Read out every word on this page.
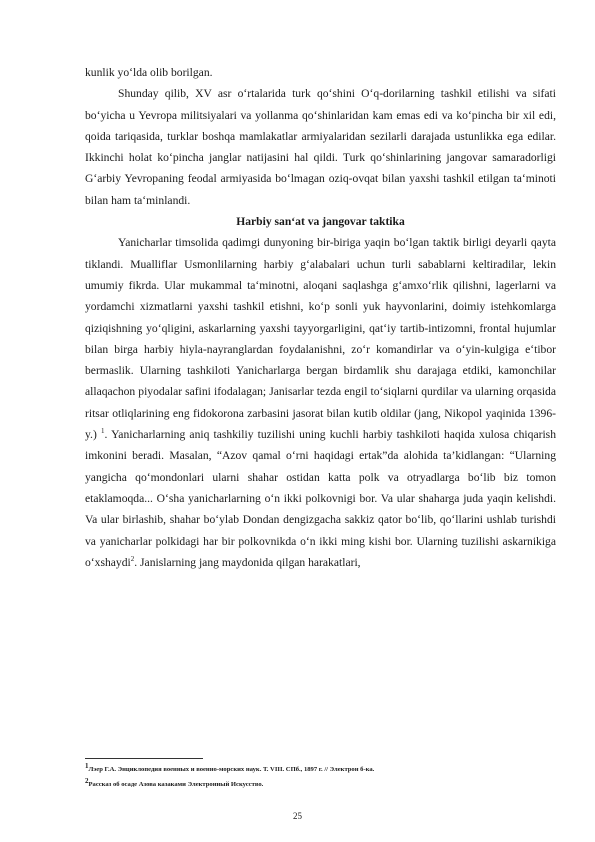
kunlik yo‘lda olib borilgan.

Shunday qilib, XV asr o‘rtalarida turk qo‘shini O‘q-dorilarning tashkil etilishi va sifati bo‘yicha u Yevropa militsiyalari va yollanma qo‘shinlaridan kam emas edi va ko‘pincha bir xil edi, qoida tariqasida, turklar boshqa mamlakatlar armiyalaridan sezilarli darajada ustunlikka ega edilar. Ikkinchi holat ko‘pincha janglar natijasini hal qildi. Turk qo‘shinlarining jangovar samaradorligi G‘arbiy Yevropaning feodal armiyasida bo‘lmagan oziq-ovqat bilan yaxshi tashkil etilgan ta‘minoti bilan ham ta‘minlandi.

Harbiy san‘at va jangovar taktika

Yanicharlar timsolida qadimgi dunyoning bir-biriga yaqin bo‘lgan taktik birligi deyarli qayta tiklandi. Mualliflar Usmonlilarning harbiy g‘alabalari uchun turli sabablarni keltiradilar, lekin umumiy fikrda. Ular mukammal ta‘minotni, aloqani saqlashga g‘amxo‘rlik qilishni, lagerlarni va yordamchi xizmatlarni yaxshi tashkil etishni, ko‘p sonli yuk hayvonlarini, doimiy istehkomlarga qiziqishning yo‘qligini, askarlarning yaxshi tayyorgarligini, qat‘iy tartib-intizomni, frontal hujumlar bilan birga harbiy hiyla-nayranglardan foydalanishni, zo‘r komandirlar va o‘yin-kulgiga e‘tibor bermaslik. Ularning tashkiloti Yanicharlarga bergan birdamlik shu darajaga etdiki, kamonchilar allaqachon piyodalar safini ifodalagan; Janisarlar tezda engil to‘siqlarni qurdilar va ularning orqasida ritsar otliqlarining eng fidokorona zarbasini jasorat bilan kutib oldilar (jang, Nikopol yaqinida 1396-y.) $^1$. Yanicharlarning aniq tashkiliy tuzilishi uning kuchli harbiy tashkiloti haqida xulosa chiqarish imkonini beradi. Masalan, “Azov qamal o‘rni haqidagi ertak”da alohida ta’kidlangan: “Ularning yangicha qo‘mondonlari ularni shahar ostidan katta polk va otryadlarga bo‘lib biz tomon etaklamoqda... O‘sha yanicharlarning o‘n ikki polkovnigi bor. Va ular shaharga juda yaqin kelishdi. Va ular birlashib, shahar bo‘ylab Dondan dengizgacha sakkiz qator bo‘lib, qo‘llarini ushlab turishdi va yanicharlar polkidagi har bir polkovnikda o‘n ikki ming kishi bor. Ularning tuzilishi askarnikiga o‘xshaydi$^2$. Janislarning jang maydonida qilgan harakatlari,

$^1$Лэер Г.А. Энциклопедия военных и военно-морских наук. Т. VIII. СПб., 1897 г. // Электрон б-ка.

$^2$Рассказ об осаде Азова казаками Электронный Искусство.

25
